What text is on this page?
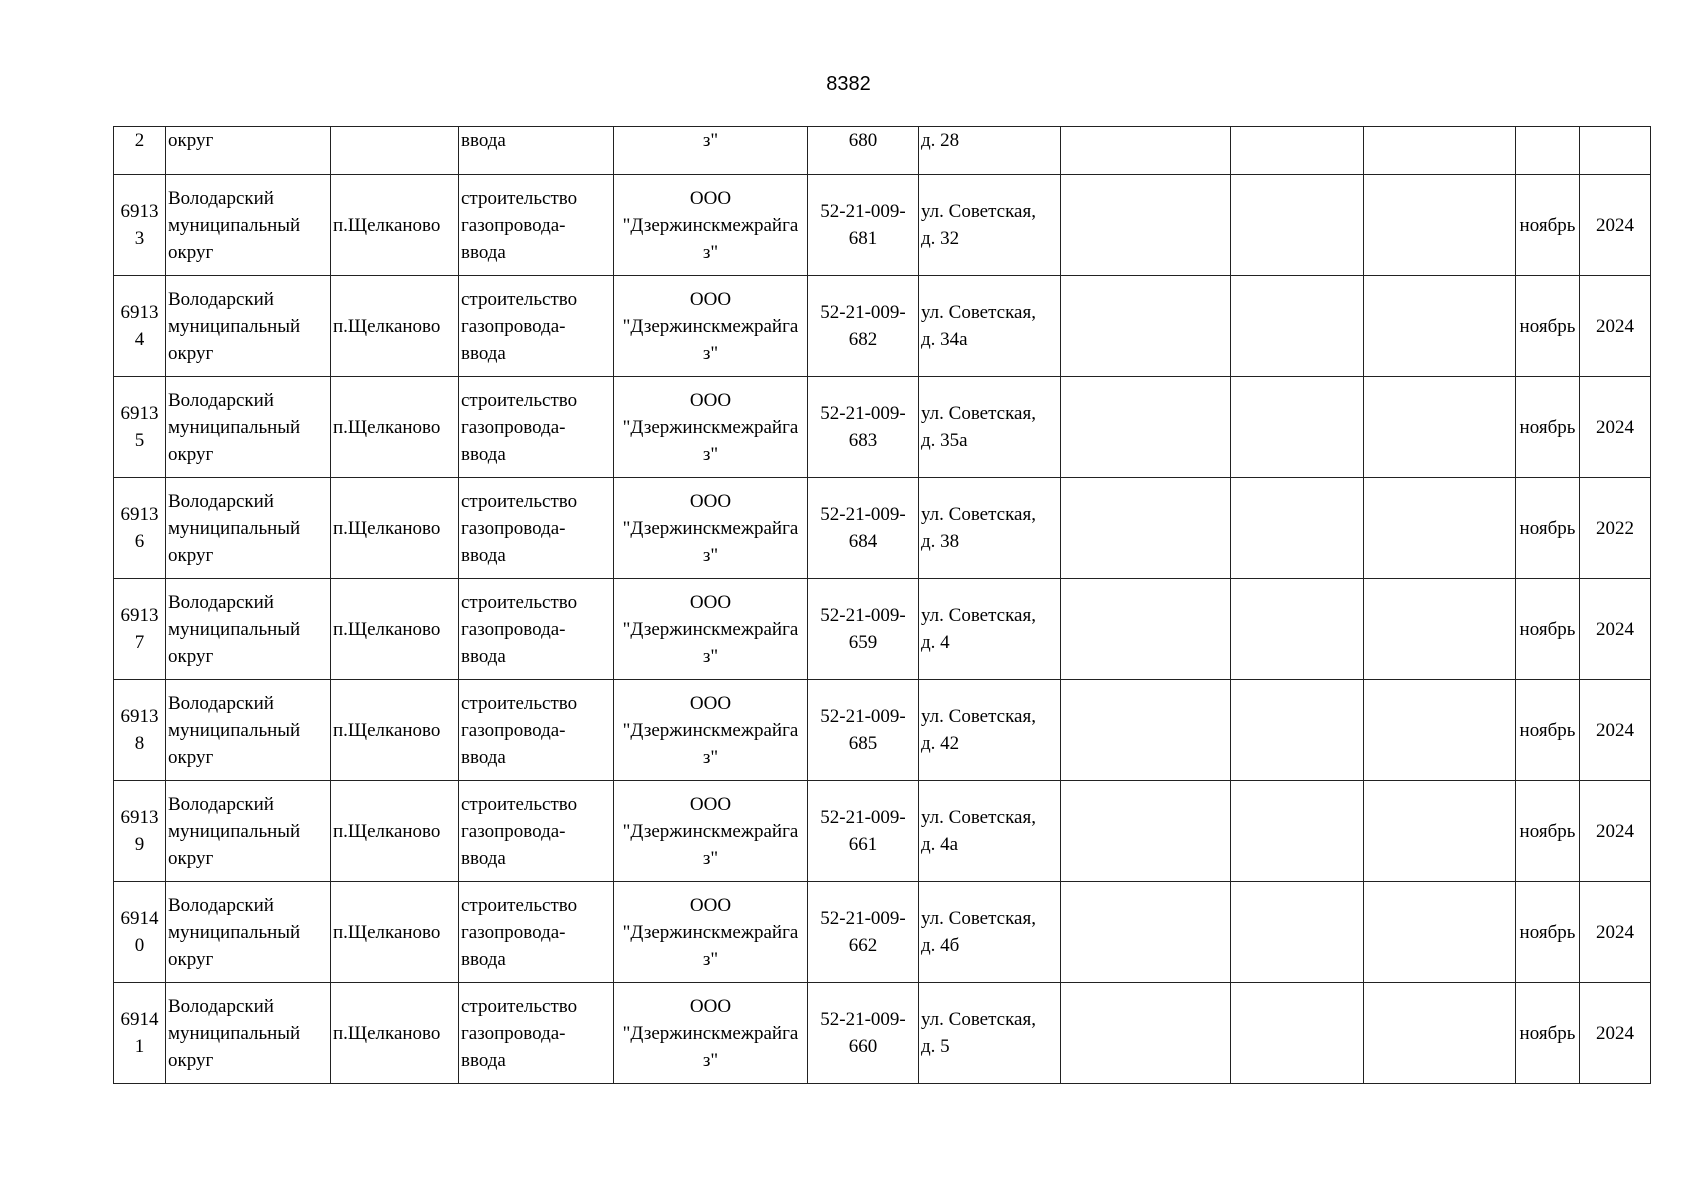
8382
2	округ		ввода	з"	680	д. 28					

6913
3	Володарский
муниципальный
округ	п.Щелканово	строительство
газопровода-
ввода	ООО
"Дзержинскмежрайга
з"	52-21-009-
681	ул. Советская,
д. 32				ноябрь	2024

6913
4	Володарский
муниципальный
округ	п.Щелканово	строительство
газопровода-
ввода	ООО
"Дзержинскмежрайга
з"	52-21-009-
682	ул. Советская,
д. 34а				ноябрь	2024

6913
5	Володарский
муниципальный
округ	п.Щелканово	строительство
газопровода-
ввода	ООО
"Дзержинскмежрайга
з"	52-21-009-
683	ул. Советская,
д. 35а				ноябрь	2024

6913
6	Володарский
муниципальный
округ	п.Щелканово	строительство
газопровода-
ввода	ООО
"Дзержинскмежрайга
з"	52-21-009-
684	ул. Советская,
д. 38				ноябрь	2022

6913
7	Володарский
муниципальный
округ	п.Щелканово	строительство
газопровода-
ввода	ООО
"Дзержинскмежрайга
з"	52-21-009-
659	ул. Советская,
д. 4				ноябрь	2024

6913
8	Володарский
муниципальный
округ	п.Щелканово	строительство
газопровода-
ввода	ООО
"Дзержинскмежрайга
з"	52-21-009-
685	ул. Советская,
д. 42				ноябрь	2024

6913
9	Володарский
муниципальный
округ	п.Щелканово	строительство
газопровода-
ввода	ООО
"Дзержинскмежрайга
з"	52-21-009-
661	ул. Советская,
д. 4а				ноябрь	2024

6914
0	Володарский
муниципальный
округ	п.Щелканово	строительство
газопровода-
ввода	ООО
"Дзержинскмежрайга
з"	52-21-009-
662	ул. Советская,
д. 4б				ноябрь	2024

6914
1	Володарский
муниципальный
округ	п.Щелканово	строительство
газопровода-
ввода	ООО
"Дзержинскмежрайга
з"	52-21-009-
660	ул. Советская,
д. 5				ноябрь	2024
